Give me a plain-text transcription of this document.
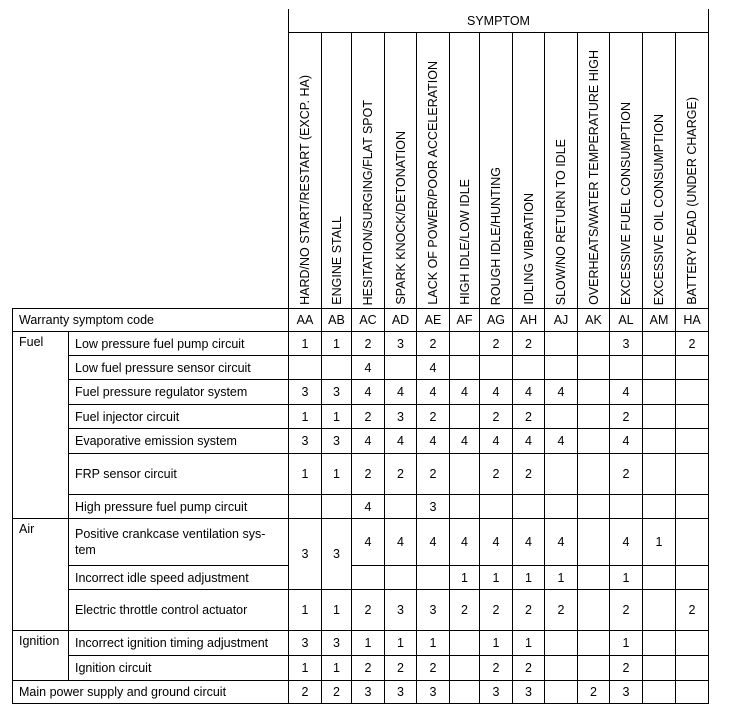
		SYMPTOM												
		HARD/NO START/RESTART (EXCP. HA)	ENGINE STALL	HESITATION/SURGING/FLAT SPOT	SPARK KNOCK/DETONATION	LACK OF POWER/POOR ACCELERATION	HIGH IDLE/LOW IDLE	ROUGH IDLE/HUNTING	IDLING VIBRATION	SLOW/NO RETURN TO IDLE	OVERHEATS/WATER TEMPERATURE HIGH	EXCESSIVE FUEL CONSUMPTION	EXCESSIVE OIL CONSUMPTION	BATTERY DEAD (UNDER CHARGE)
Warranty symptom code		AA	AB	AC	AD	AE	AF	AG	AH	AJ	AK	AL	AM	HA
Fuel	Low pressure fuel pump circuit	1	1	2	3	2		2	2			3		2
	Low fuel pressure sensor circuit			4		4								
	Fuel pressure regulator system	3	3	4	4	4	4	4	4	4		4		
	Fuel injector circuit	1	1	2	3	2		2	2			2		
	Evaporative emission system	3	3	4	4	4	4	4	4	4		4		
	FRP sensor circuit	1	1	2	2	2		2	2			2		
	High pressure fuel pump circuit			4		3								
Air	Positive crankcase ventilation sys-tem	3	3	4	4	4	4	4	4	4		4	1	
	Incorrect idle speed adjustment						1	1	1	1		1		
	Electric throttle control actuator	1	1	2	3	3	2	2	2	2		2		2
Ignition	Incorrect ignition timing adjustment	3	3	1	1	1		1	1			1		
	Ignition circuit	1	1	2	2	2		2	2			2		
Main power supply and ground circuit		2	2	3	3	3		3	3		2	3		
